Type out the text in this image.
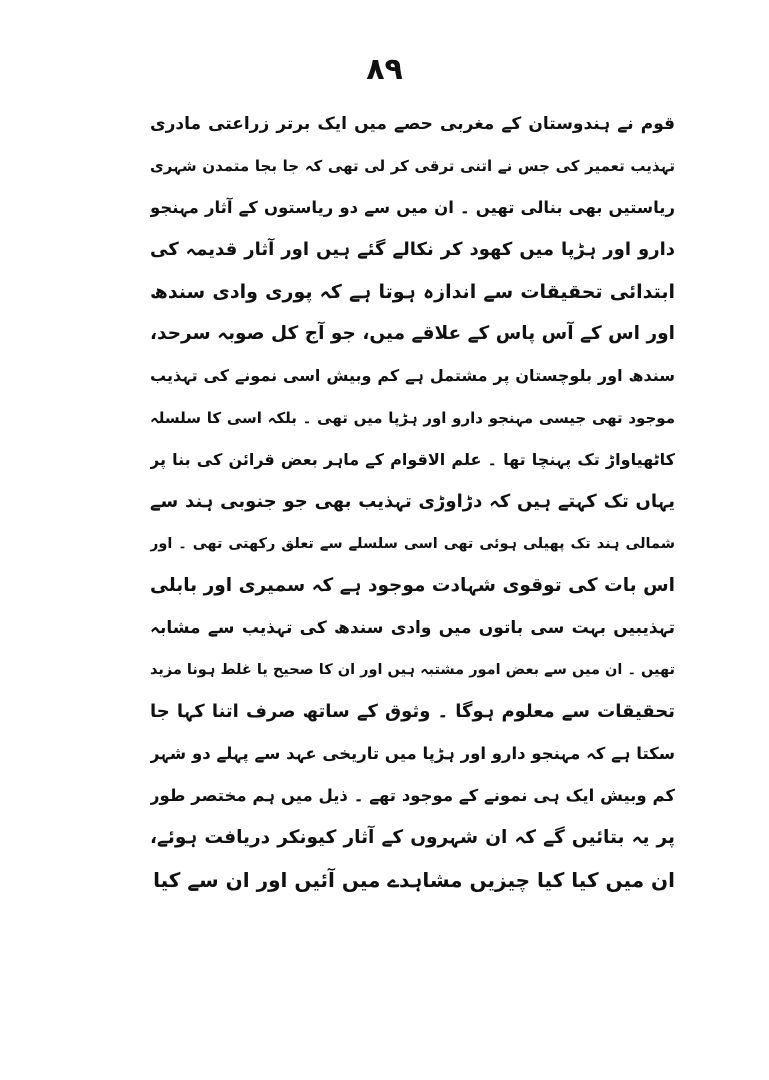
۸۹
قوم نے ہندوستان کے مغربی حصے میں ایک برتر زراعتی مادری
تہذیب تعمیر کی جس نے اتنی ترقی کر لی تھی کہ جا بجا متمدن شہری
ریاستیں بھی بنالی تھیں ۔ ان میں سے دو ریاستوں کے آثار مہنجو
دارو اور ہڑپا میں کھود کر نکالے گئے ہیں اور آثار قدیمہ کی
ابتدائی تحقیقات سے اندازہ ہوتا ہے کہ پوری وادی سندھ
اور اس کے آس پاس کے علاقے میں، جو آج کل صوبہ سرحد،
سندھ اور بلوچستان پر مشتمل ہے کم وبیش اسی نمونے کی تہذیب
موجود تھی جیسی مہنجو دارو اور ہڑپا میں تھی ۔ بلکہ اسی کا سلسلہ
کاٹھیاواڑ تک پہنچا تھا ۔ علم الاقوام کے ماہر بعض قرائن کی بنا پر
یہاں تک کہتے ہیں کہ دڑاوڑی تہذیب بھی جو جنوبی ہند سے
شمالی ہند تک پھیلی ہوئی تھی اسی سلسلے سے تعلق رکھتی تھی ۔ اور
اس بات کی توقوی شہادت موجود ہے کہ سمیری اور بابلی
تہذیبیں بہت سی باتوں میں وادی سندھ کی تہذیب سے مشابہ
تھیں ۔ ان میں سے بعض امور مشتبہ ہیں اور ان کا صحیح یا غلط ہونا مزید
تحقیقات سے معلوم ہوگا ۔ وثوق کے ساتھ صرف اتنا کہا جا
سکتا ہے کہ مہنجو دارو اور ہڑپا میں تاریخی عہد سے پہلے دو شہر
کم وبیش ایک ہی نمونے کے موجود تھے ۔ ذیل میں ہم مختصر طور
پر یہ بتائیں گے کہ ان شہروں کے آثار کیونکر دریافت ہوئے،
ان میں کیا کیا چیزیں مشاہدے میں آئیں اور ان سے کیا
